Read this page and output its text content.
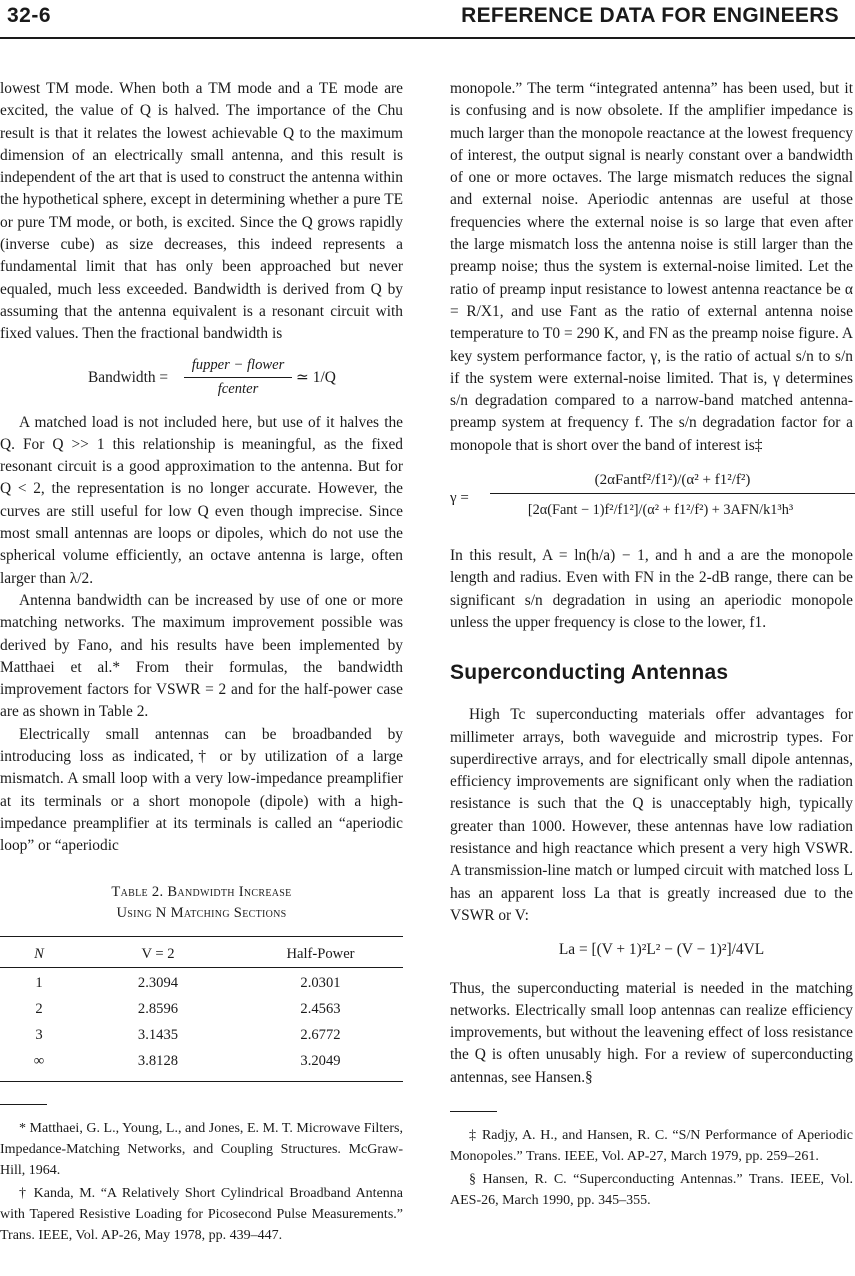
32-6	REFERENCE DATA FOR ENGINEERS

lowest TM mode. When both a TM mode and a TE mode are excited, the value of Q is halved. The importance of the Chu result is that it relates the lowest achievable Q to the maximum dimension of an electrically small antenna, and this result is independent of the art that is used to construct the antenna within the hypothetical sphere, except in determining whether a pure TE or pure TM mode, or both, is excited. Since the Q grows rapidly (inverse cube) as size decreases, this indeed represents a fundamental limit that has only been approached but never equaled, much less exceeded. Bandwidth is derived from Q by assuming that the antenna equivalent is a resonant circuit with fixed values. Then the fractional bandwidth is

Bandwidth =
fupper − flower
fcenter
≃ 1/Q

A matched load is not included here, but use of it halves the Q. For Q >> 1 this relationship is meaningful, as the fixed resonant circuit is a good approximation to the antenna. But for Q < 2, the representation is no longer accurate. However, the curves are still useful for low Q even though imprecise. Since most small antennas are loops or dipoles, which do not use the spherical volume efficiently, an octave antenna is large, often larger than λ/2.

Antenna bandwidth can be increased by use of one or more matching networks. The maximum improvement possible was derived by Fano, and his results have been implemented by Matthaei et al.* From their formulas, the bandwidth improvement factors for VSWR = 2 and for the half-power case are as shown in Table 2.

Electrically small antennas can be broadbanded by introducing loss as indicated,† or by utilization of a large mismatch. A small loop with a very low-impedance preamplifier at its terminals or a short monopole (dipole) with a high-impedance preamplifier at its terminals is called an “aperiodic loop” or “aperiodic

Table 2. Bandwidth Increase
Using N Matching Sections
N	V = 2	Half-Power
1	2.3094	2.0301
2	2.8596	2.4563
3	3.1435	2.6772
∞	3.8128	3.2049

* Matthaei, G. L., Young, L., and Jones, E. M. T. Microwave Filters, Impedance-Matching Networks, and Coupling Structures. McGraw-Hill, 1964.

† Kanda, M. “A Relatively Short Cylindrical Broadband Antenna with Tapered Resistive Loading for Picosecond Pulse Measurements.” Trans. IEEE, Vol. AP-26, May 1978, pp. 439–447.

monopole.” The term “integrated antenna” has been used, but it is confusing and is now obsolete. If the amplifier impedance is much larger than the monopole reactance at the lowest frequency of interest, the output signal is nearly constant over a bandwidth of one or more octaves. The large mismatch reduces the signal and external noise. Aperiodic antennas are useful at those frequencies where the external noise is so large that even after the large mismatch loss the antenna noise is still larger than the preamp noise; thus the system is external-noise limited. Let the ratio of preamp input resistance to lowest antenna reactance be α = R/X1, and use Fant as the ratio of external antenna noise temperature to T0 = 290 K, and FN as the preamp noise figure. A key system performance factor, γ, is the ratio of actual s/n to s/n if the system were external-noise limited. That is, γ determines s/n degradation compared to a narrow-band matched antenna-preamp system at frequency f. The s/n degradation factor for a monopole that is short over the band of interest is‡

γ =
(2αFantf²/f1²)/(α² + f1²/f²)
[2α(Fant − 1)f²/f1²]/(α² + f1²/f²) + 3AFN/k1³h³

In this result, A = ln(h/a) − 1, and h and a are the monopole length and radius. Even with FN in the 2-dB range, there can be significant s/n degradation in using an aperiodic monopole unless the upper frequency is close to the lower, f1.

Superconducting Antennas

High Tc superconducting materials offer advantages for millimeter arrays, both waveguide and microstrip types. For superdirective arrays, and for electrically small dipole antennas, efficiency improvements are significant only when the radiation resistance is such that the Q is unacceptably high, typically greater than 1000. However, these antennas have low radiation resistance and high reactance which present a very high VSWR. A transmission-line match or lumped circuit with matched loss L has an apparent loss La that is greatly increased due to the VSWR or V:

La = [(V + 1)²L² − (V − 1)²]/4VL

Thus, the superconducting material is needed in the matching networks. Electrically small loop antennas can realize efficiency improvements, but without the leavening effect of loss resistance the Q is often unusably high. For a review of superconducting antennas, see Hansen.§

‡ Radjy, A. H., and Hansen, R. C. “S/N Performance of Aperiodic Monopoles.” Trans. IEEE, Vol. AP-27, March 1979, pp. 259–261.

§ Hansen, R. C. “Superconducting Antennas.” Trans. IEEE, Vol. AES-26, March 1990, pp. 345–355.
